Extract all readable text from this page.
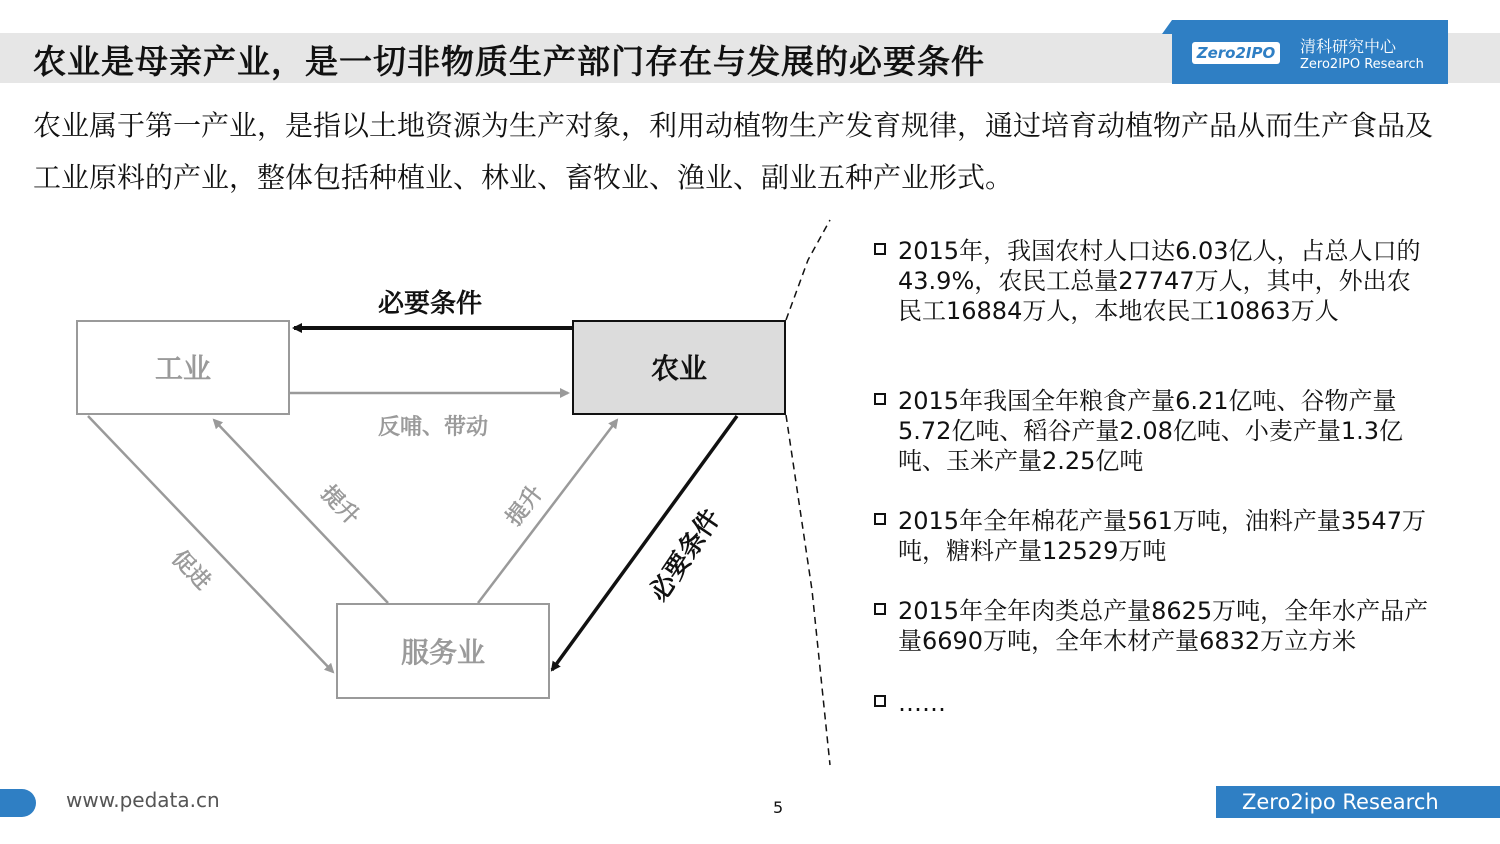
农业是母亲产业，是一切非物质生产部门存在与发展的必要条件	Zero2IPO 清科研究中心
Zero2IPO Research
农业属于第一产业，是指以土地资源为生产对象，利用动植物生产发育规律，通过培育动植物产品从而生产食品及工业原料的产业，整体包括种植业、林业、畜牧业、渔业、副业五种产业形式。
工业	农业
服务业
必要条件
反哺、带动
提升	提升
促进	必要条件
2015年，我国农村人口达6.03亿人，占总人口的43.9%，农民工总量27747万人，其中，外出农民工16884万人，本地农民工10863万人
2015年我国全年粮食产量6.21亿吨、谷物产量5.72亿吨、稻谷产量2.08亿吨、小麦产量1.3亿吨、玉米产量2.25亿吨
2015年全年棉花产量561万吨，油料产量3547万吨，糖料产量12529万吨
2015年全年肉类总产量8625万吨，全年水产品产量6690万吨，全年木材产量6832万立方米
……
www.pedata.cn	5	Zero2ipo Research
